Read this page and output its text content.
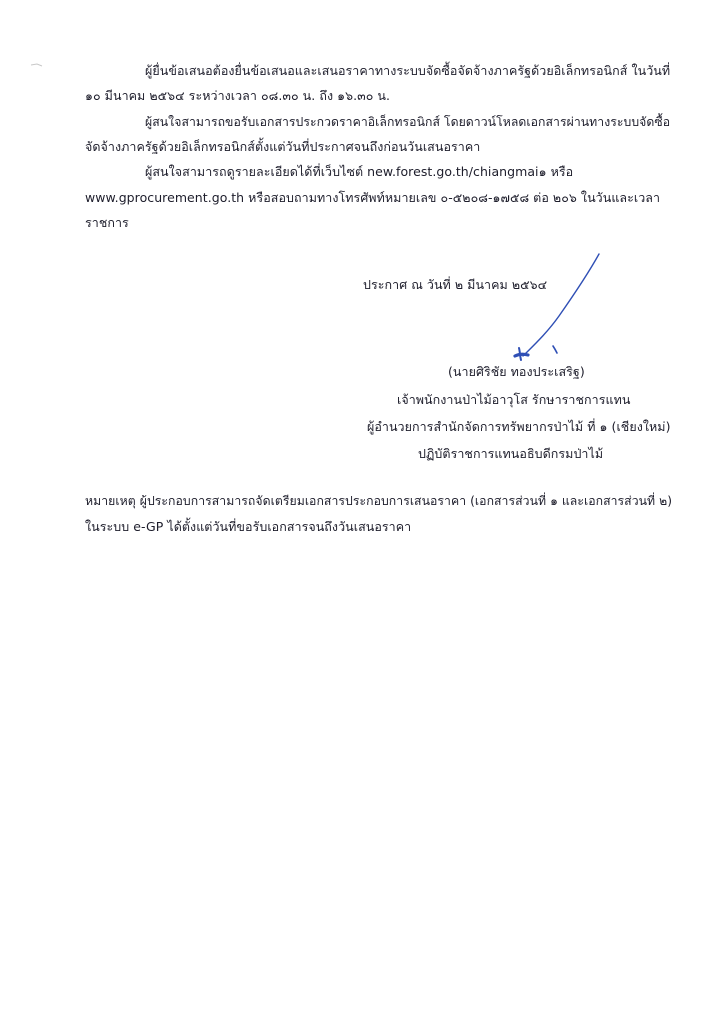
ผู้ยื่นข้อเสนอต้องยื่นข้อเสนอและเสนอราคาทางระบบจัดซื้อจัดจ้างภาครัฐด้วยอิเล็กทรอนิกส์ ในวันที่
๑๐ มีนาคม ๒๕๖๔ ระหว่างเวลา ๐๘.๓๐ น. ถึง ๑๖.๓๐ น.
ผู้สนใจสามารถขอรับเอกสารประกวดราคาอิเล็กทรอนิกส์ โดยดาวน์โหลดเอกสารผ่านทางระบบจัดซื้อ
จัดจ้างภาครัฐด้วยอิเล็กทรอนิกส์ตั้งแต่วันที่ประกาศจนถึงก่อนวันเสนอราคา
ผู้สนใจสามารถดูรายละเอียดได้ที่เว็บไซต์ new.forest.go.th/chiangmai๑ หรือ
www.gprocurement.go.th หรือสอบถามทางโทรศัพท์หมายเลข ๐-๕๒๐๘-๑๗๕๘ ต่อ ๒๐๖ ในวันและเวลา
ราชการ
ประกาศ ณ วันที่ ๒ มีนาคม ๒๕๖๔
(นายศิริชัย ทองประเสริฐ)
เจ้าพนักงานป่าไม้อาวุโส รักษาราชการแทน
ผู้อำนวยการสำนักจัดการทรัพยากรป่าไม้ ที่ ๑ (เชียงใหม่)
ปฏิบัติราชการแทนอธิบดีกรมป่าไม้
หมายเหตุ ผู้ประกอบการสามารถจัดเตรียมเอกสารประกอบการเสนอราคา (เอกสารส่วนที่ ๑ และเอกสารส่วนที่ ๒)
ในระบบ e-GP ได้ตั้งแต่วันที่ขอรับเอกสารจนถึงวันเสนอราคา
